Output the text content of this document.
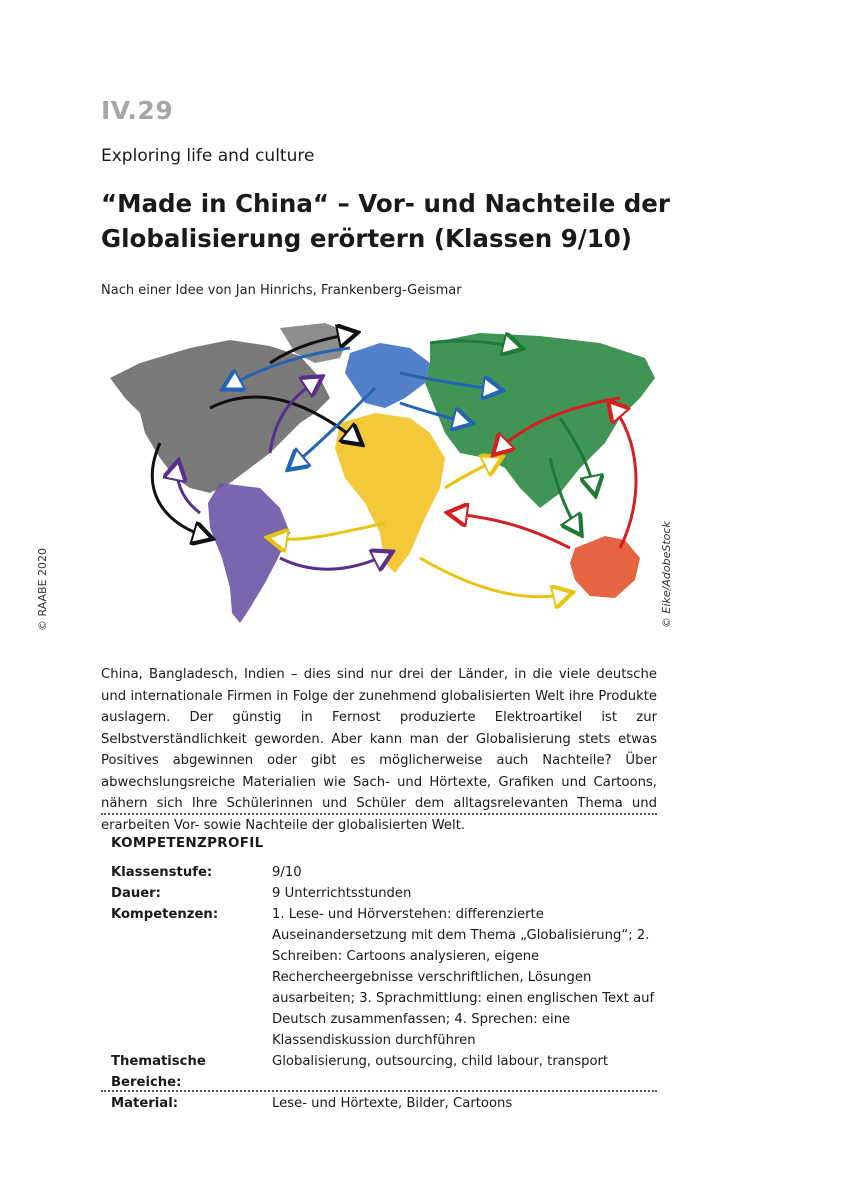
IV.29
Exploring life and culture
“Made in China“ – Vor- und Nachteile der Globalisierung erörtern (Klassen 9/10)
Nach einer Idee von Jan Hinrichs, Frankenberg-Geismar
© RAABE 2020	© Eike/AdobeStock
China, Bangladesch, Indien – dies sind nur drei der Länder, in die viele deutsche und internationale Firmen in Folge der zunehmend globalisierten Welt ihre Produkte auslagern. Der günstig in Fernost produzierte Elektroartikel ist zur Selbstverständlichkeit geworden. Aber kann man der Globalisierung stets etwas Positives abgewinnen oder gibt es möglicherweise auch Nachteile? Über abwechslungsreiche Materialien wie Sach- und Hörtexte, Grafiken und Cartoons, nähern sich Ihre Schülerinnen und Schüler dem alltagsrelevanten Thema und erarbeiten Vor- sowie Nachteile der globalisierten Welt.
KOMPETENZPROFIL
Klassenstufe:	9/10
Dauer:	9 Unterrichtsstunden
Kompetenzen:	1. Lese- und Hörverstehen: differenzierte Auseinandersetzung mit dem Thema „Globalisierung“; 2. Schreiben: Cartoons analysieren, eigene Rechercheergebnisse verschriftlichen, Lösungen ausarbeiten; 3. Sprachmittlung: einen englischen Text auf Deutsch zusammenfassen; 4. Sprechen: eine Klassendiskussion durchführen
Thematische Bereiche:
Globalisierung, outsourcing, child labour, transport
Material:	Lese- und Hörtexte, Bilder, Cartoons
